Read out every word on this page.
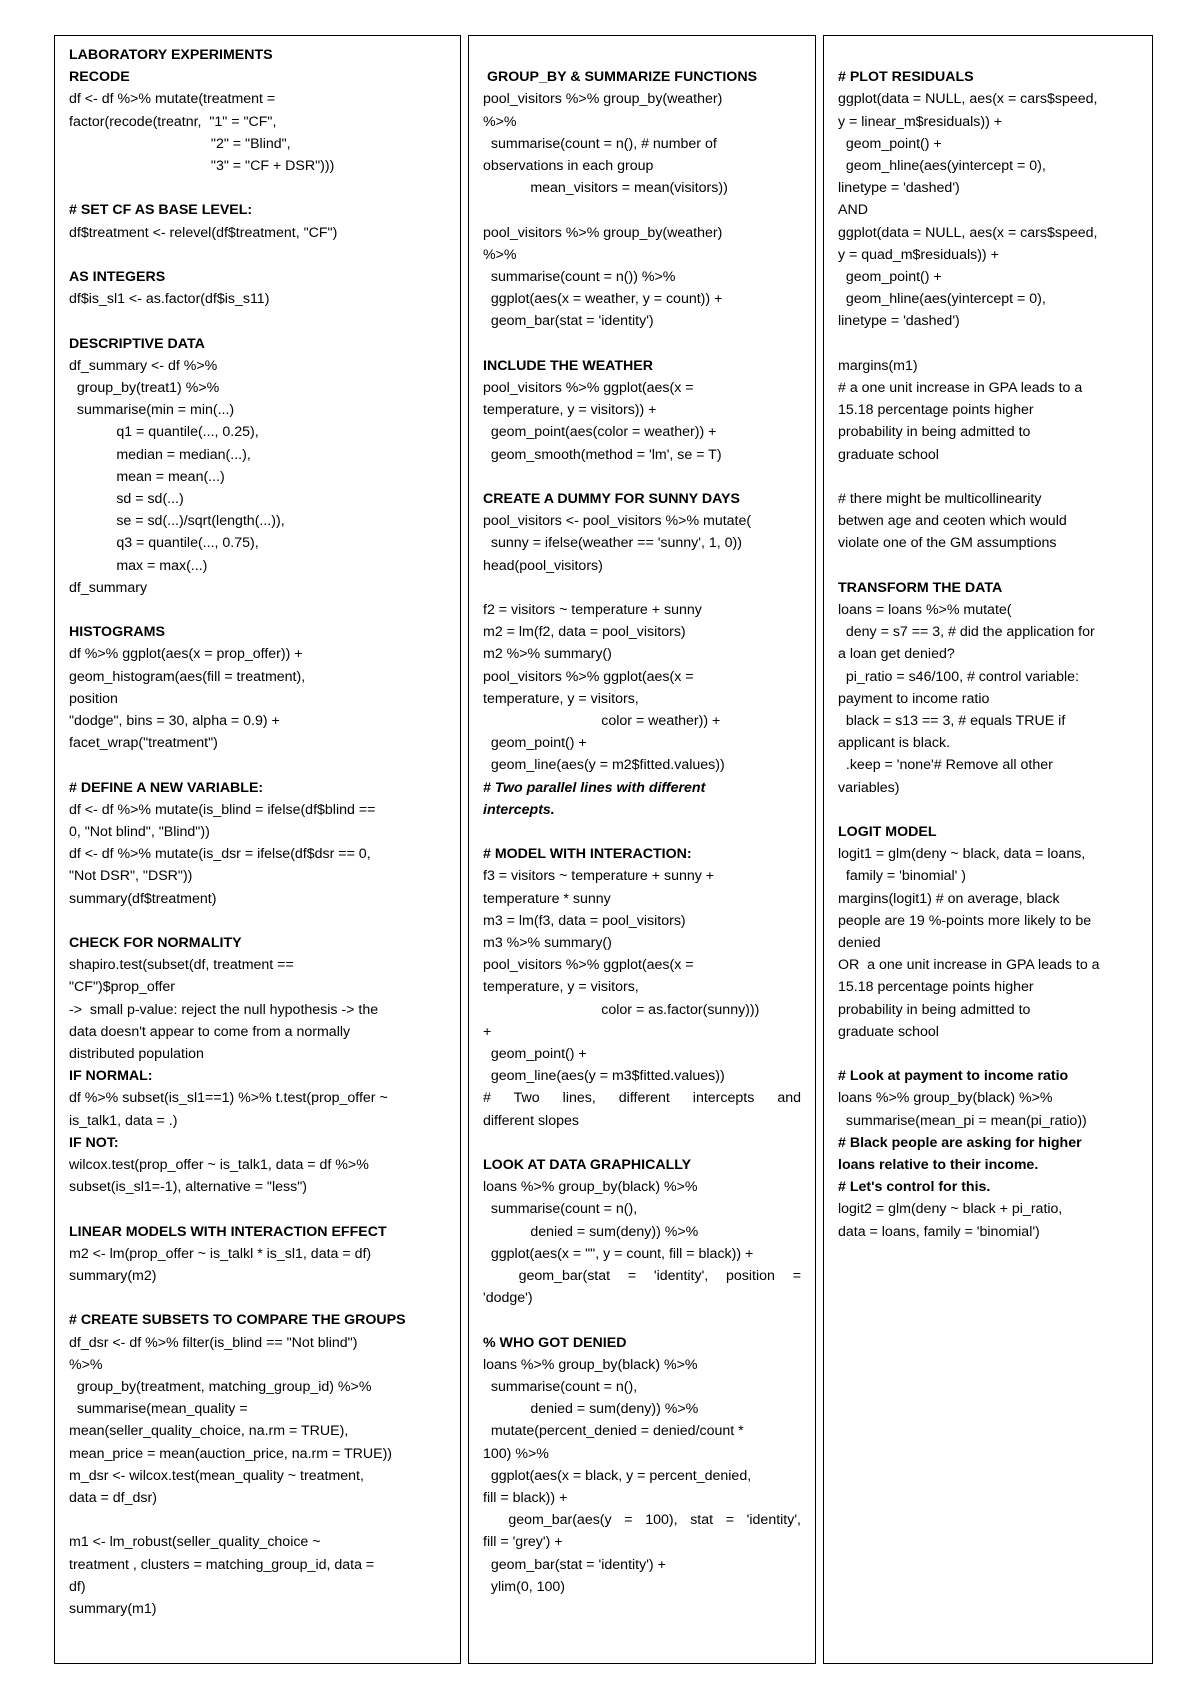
LABORATORY EXPERIMENTS
RECODE
df <- df %>% mutate(treatment =
factor(recode(treatnr,  "1" = "CF",
"2" = "Blind",
"3" = "CF + DSR")))
# SET CF AS BASE LEVEL:
df$treatment <- relevel(df$treatment, "CF")
AS INTEGERS
df$is_sl1 <- as.factor(df$is_s11)
DESCRIPTIVE DATA
df_summary <- df %>%
group_by(treat1) %>%
summarise(min = min(...)
q1 = quantile(..., 0.25),
median = median(...),
mean = mean(...)
sd = sd(...)
se = sd(...)/sqrt(length(...)),
q3 = quantile(..., 0.75),
max = max(...)
df_summary
HISTOGRAMS
df %>% ggplot(aes(x = prop_offer)) +
geom_histogram(aes(fill = treatment),
position
"dodge", bins = 30, alpha = 0.9) +
facet_wrap("treatment")
# DEFINE A NEW VARIABLE:
df <- df %>% mutate(is_blind = ifelse(df$blind ==
0, "Not blind", "Blind"))
df <- df %>% mutate(is_dsr = ifelse(df$dsr == 0,
"Not DSR", "DSR"))
summary(df$treatment)
CHECK FOR NORMALITY
shapiro.test(subset(df, treatment ==
"CF")$prop_offer
->  small p-value: reject the null hypothesis -> the
data doesn't appear to come from a normally
distributed population
IF NORMAL:
df %>% subset(is_sl1==1) %>% t.test(prop_offer ~
is_talk1, data = .)
IF NOT:
wilcox.test(prop_offer ~ is_talk1, data = df %>%
subset(is_sl1=-1), alternative = "less")
LINEAR MODELS WITH INTERACTION EFFECT
m2 <- lm(prop_offer ~ is_talkl * is_sl1, data = df)
summary(m2)
# CREATE SUBSETS TO COMPARE THE GROUPS
df_dsr <- df %>% filter(is_blind == "Not blind")
%>%
group_by(treatment, matching_group_id) %>%
summarise(mean_quality =
mean(seller_quality_choice, na.rm = TRUE),
mean_price = mean(auction_price, na.rm = TRUE))
m_dsr <- wilcox.test(mean_quality ~ treatment,
data = df_dsr)
m1 <- lm_robust(seller_quality_choice ~
treatment , clusters = matching_group_id, data =
df)
summary(m1)
GROUP_BY & SUMMARIZE FUNCTIONS
pool_visitors %>% group_by(weather)
%>%
summarise(count = n(), # number of
observations in each group
mean_visitors = mean(visitors))
pool_visitors %>% group_by(weather)
%>%
summarise(count = n()) %>%
ggplot(aes(x = weather, y = count)) +
geom_bar(stat = 'identity')
INCLUDE THE WEATHER
pool_visitors %>% ggplot(aes(x =
temperature, y = visitors)) +
geom_point(aes(color = weather)) +
geom_smooth(method = 'lm', se = T)
CREATE A DUMMY FOR SUNNY DAYS
pool_visitors <- pool_visitors %>% mutate(
sunny = ifelse(weather == 'sunny', 1, 0))
head(pool_visitors)
f2 = visitors ~ temperature + sunny
m2 = lm(f2, data = pool_visitors)
m2 %>% summary()
pool_visitors %>% ggplot(aes(x =
temperature, y = visitors,
color = weather)) +
geom_point() +
geom_line(aes(y = m2$fitted.values))
# Two parallel lines with different
intercepts.
# MODEL WITH INTERACTION:
f3 = visitors ~ temperature + sunny +
temperature * sunny
m3 = lm(f3, data = pool_visitors)
m3 %>% summary()
pool_visitors %>% ggplot(aes(x =
temperature, y = visitors,
color = as.factor(sunny)))
+
geom_point() +
geom_line(aes(y = m3$fitted.values))
# Two lines, different intercepts and
different slopes
LOOK AT DATA GRAPHICALLY
loans %>% group_by(black) %>%
summarise(count = n(),
denied = sum(deny)) %>%
ggplot(aes(x = "", y = count, fill = black)) +
geom_bar(stat = 'identity', position =
'dodge')
% WHO GOT DENIED
loans %>% group_by(black) %>%
summarise(count = n(),
denied = sum(deny)) %>%
mutate(percent_denied = denied/count *
100) %>%
ggplot(aes(x = black, y = percent_denied,
fill = black)) +
geom_bar(aes(y = 100), stat = 'identity',
fill = 'grey') +
geom_bar(stat = 'identity') +
ylim(0, 100)
# PLOT RESIDUALS
ggplot(data = NULL, aes(x = cars$speed,
y = linear_m$residuals)) +
geom_point() +
geom_hline(aes(yintercept = 0),
linetype = 'dashed')
AND
ggplot(data = NULL, aes(x = cars$speed,
y = quad_m$residuals)) +
geom_point() +
geom_hline(aes(yintercept = 0),
linetype = 'dashed')
margins(m1)
# a one unit increase in GPA leads to a
15.18 percentage points higher
probability in being admitted to
graduate school
# there might be multicollinearity
betwen age and ceoten which would
violate one of the GM assumptions
TRANSFORM THE DATA
loans = loans %>% mutate(
deny = s7 == 3, # did the application for
a loan get denied?
pi_ratio = s46/100, # control variable:
payment to income ratio
black = s13 == 3, # equals TRUE if
applicant is black.
.keep = 'none'# Remove all other
variables)
LOGIT MODEL
logit1 = glm(deny ~ black, data = loans,
family = 'binomial' )
margins(logit1) # on average, black
people are 19 %-points more likely to be
denied
OR  a one unit increase in GPA leads to a
15.18 percentage points higher
probability in being admitted to
graduate school
# Look at payment to income ratio
loans %>% group_by(black) %>%
summarise(mean_pi = mean(pi_ratio))
# Black people are asking for higher
loans relative to their income.
# Let's control for this.
logit2 = glm(deny ~ black + pi_ratio,
data = loans, family = 'binomial')
